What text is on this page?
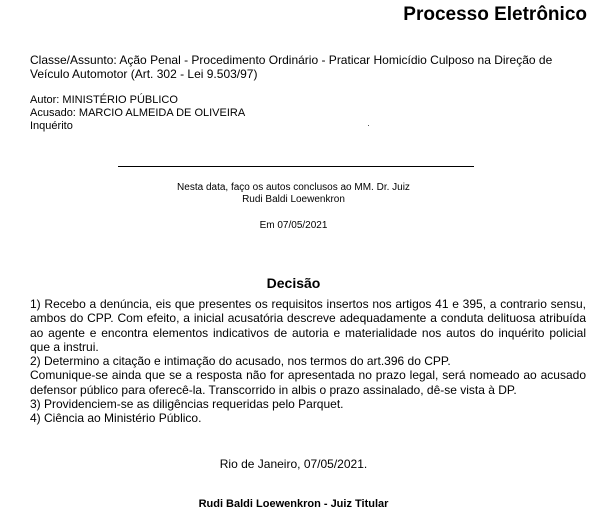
Processo Eletrônico
Classe/Assunto: Ação Penal - Procedimento Ordinário - Praticar Homicídio Culposo na Direção de Veículo Automotor (Art. 302 - Lei 9.503/97)
Autor: MINISTÉRIO PÚBLICO
Acusado: MARCIO ALMEIDA DE OLIVEIRA
Inquérito
Nesta data, faço os autos conclusos ao MM. Dr. Juiz
Rudi Baldi Loewenkron
Em 07/05/2021
Decisão
1) Recebo a denúncia, eis que presentes os requisitos insertos nos artigos 41 e 395, a contrario sensu, ambos do CPP. Com efeito, a inicial acusatória descreve adequadamente a conduta delituosa atribuída ao agente e encontra elementos indicativos de autoria e materialidade nos autos do inquérito policial que a instrui.
2) Determino a citação e intimação do acusado, nos termos do art.396 do CPP.
Comunique-se ainda que se a resposta não for apresentada no prazo legal, será nomeado ao acusado defensor público para oferecê-la. Transcorrido in albis o prazo assinalado, dê-se vista à DP.
3) Providenciem-se as diligências requeridas pelo Parquet.
4) Ciência ao Ministério Público.
Rio de Janeiro, 07/05/2021.
Rudi Baldi Loewenkron - Juiz Titular
